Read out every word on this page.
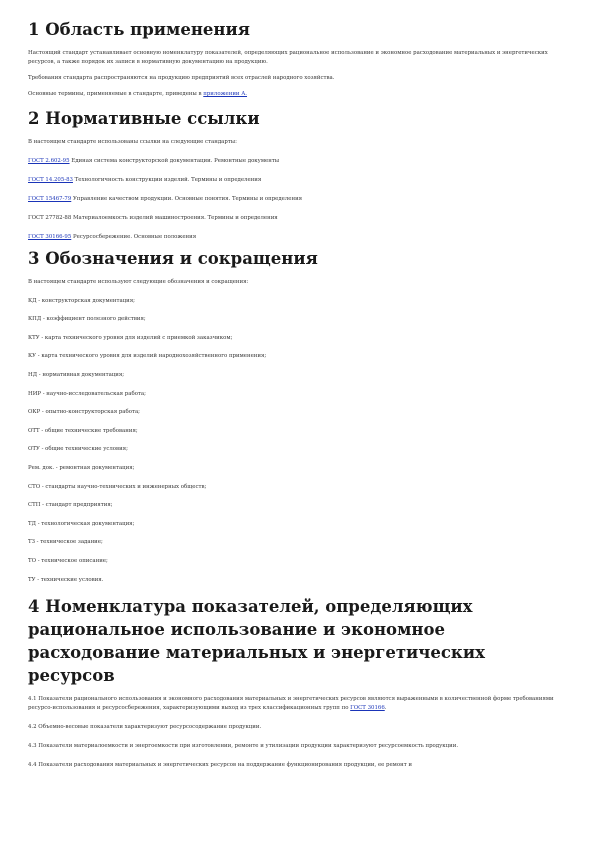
1 Область применения

Настоящий стандарт устанавливает основную номенклатуру показателей, определяющих рациональное использование и экономное расходование материальных и энергетических ресурсов, а также порядок их записи в нормативную документацию на продукцию.

Требования стандарта распространяются на продукцию предприятий всех отраслей народного хозяйства.

Основные термины, применяемые в стандарте, приведены в приложении А.

2 Нормативные ссылки

В настоящем стандарте использованы ссылки на следующие стандарты:

ГОСТ 2.602-95 Единая система конструкторской документации. Ремонтные документы

ГОСТ 14.205-83 Технологичность конструкции изделий. Термины и определения

ГОСТ 15467-79 Управление качеством продукции. Основные понятия. Термины и определения

ГОСТ 27782-88 Материалоемкость изделий машиностроения. Термины и определения

ГОСТ 30166-95 Ресурсосбережение. Основные положения

3 Обозначения и сокращения

В настоящем стандарте используют следующие обозначения и сокращения:

КД - конструкторская документация;

КПД - коэффициент полезного действия;

КТУ - карта технического уровня для изделий с приемкой заказчиком;

КУ - карта технического уровня для изделий народнохозяйственного применения;

НД - нормативная документация;

НИР - научно-исследовательская работа;

ОКР - опытно-конструкторская работа;

ОТТ - общие технические требования;

ОТУ - общие технические условия;

Рем. док. - ремонтная документация;

СТО - стандарты научно-технических и инженерных обществ;

СТП - стандарт предприятия;

ТД - технологическая документация;

ТЗ - техническое задание;

ТО - техническое описание;

ТУ - технические условия.

4 Номенклатура показателей, определяющих рациональное использование и экономное расходование материальных и энергетических ресурсов

4.1 Показатели рационального использования и экономного расходования материальных и энергетических ресурсов являются выраженными в количественной форме требованиями ресурсо-использования и ресурсосбережения, характеризующими выход из трех классификационных групп по ГОСТ 30166.

4.2 Объемно-весовые показатели характеризуют ресурсосодержание продукции.

4.3 Показатели материалоемкости и энергоемкости при изготовлении, ремонте и утилизации продукции характеризуют ресурсоемкость продукции.

4.4 Показатели расходования материальных и энергетических ресурсов на поддержание функционирования продукции, ее ремонт и
